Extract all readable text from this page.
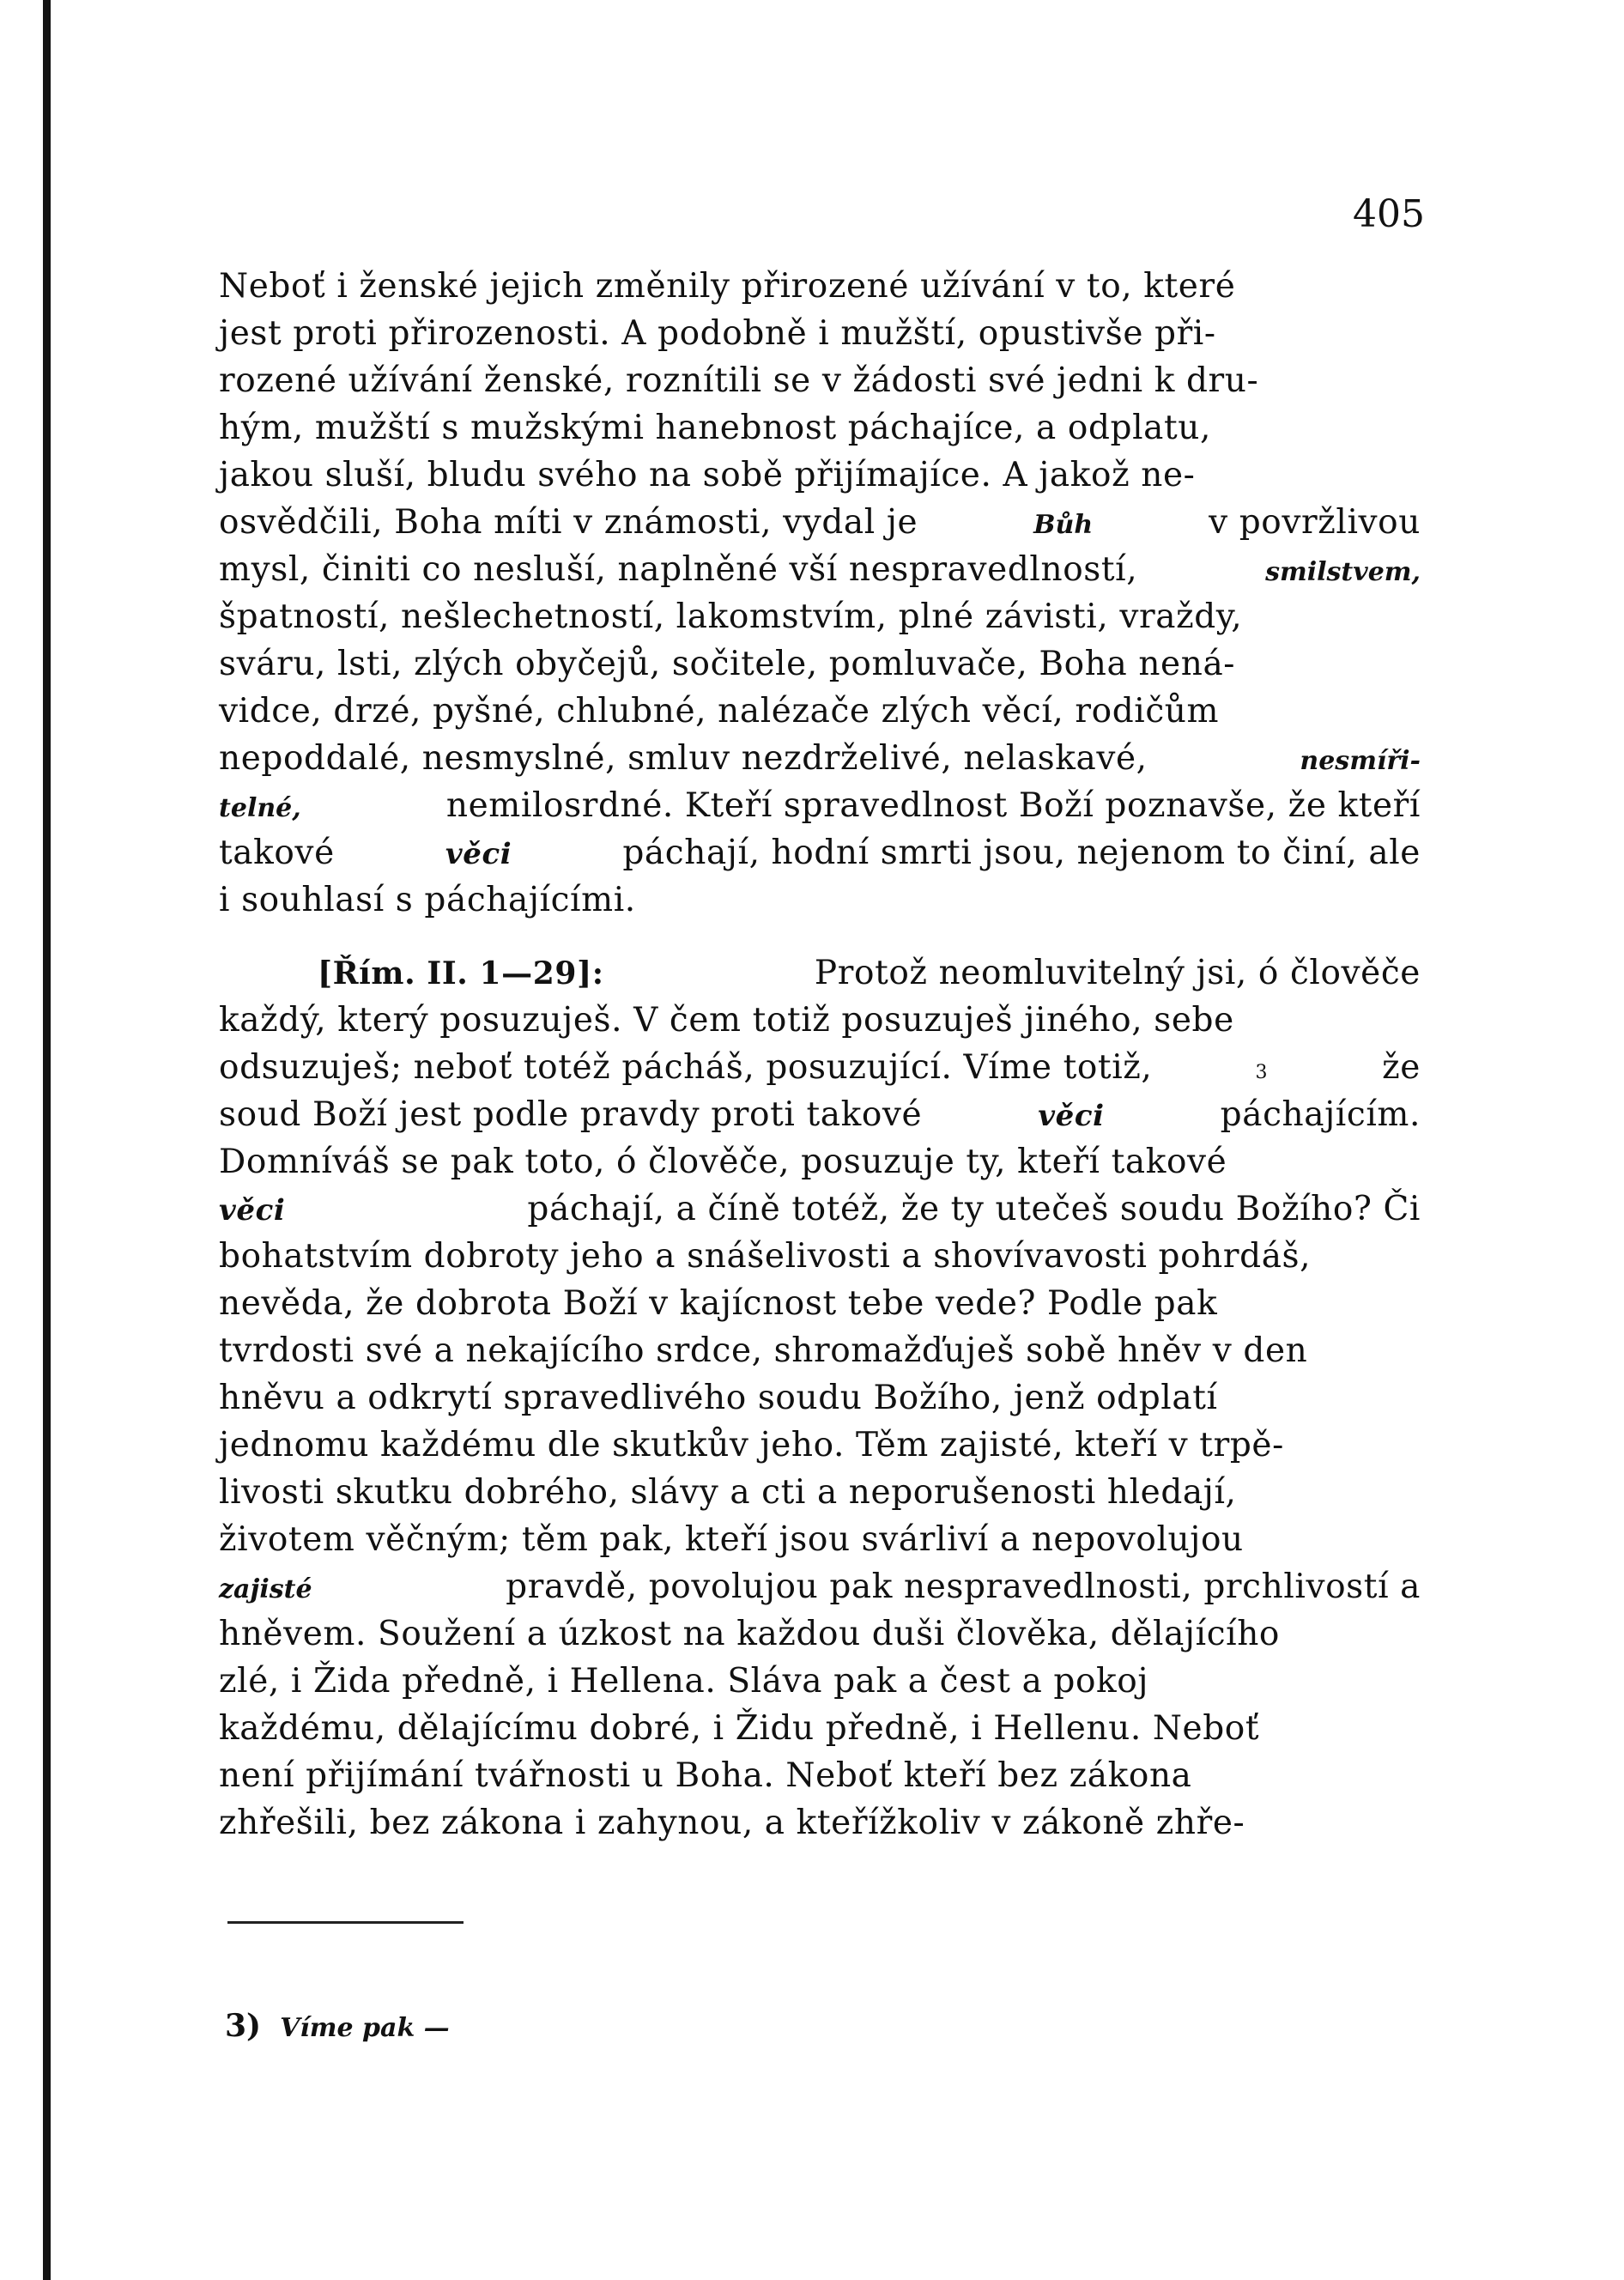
405
Neboť i ženské jejich změnily přirozené užívání v to, které
jest proti přirozenosti. A podobně i mužští, opustivše při-
rozené užívání ženské, roznítili se v žádosti své jedni k dru-
hým, mužští s mužskými hanebnost páchajíce, a odplatu,
jakou sluší, bludu svého na sobě přijímajíce. A jakož ne-
osvědčili, Boha míti v známosti, vydal je	Bůh	v povržlivou
mysl, činiti co nesluší, naplněné vší nespravedlností,	smilstvem,
špatností, nešlechetností, lakomstvím, plné závisti, vraždy,
sváru, lsti, zlých obyčejů, sočitele, pomluvače, Boha nená-
vidce, drzé, pyšné, chlubné, nalézače zlých věcí, rodičům
nepoddalé, nesmyslné, smluv nezdrželivé, nelaskavé,	nesmíři-
telné,	nemilosrdné. Kteří spravedlnost Boží poznavše, že kteří
takové	věci	páchají, hodní smrti jsou, nejenom to činí, ale
i souhlasí s páchajícími.
[Řím. II. 1—29]:	Protož neomluvitelný jsi, ó člověče
každý, který posuzuješ. V čem totiž posuzuješ jiného, sebe
odsuzuješ; neboť totéž pácháš, posuzující. Víme totiž,	3	že
soud Boží jest podle pravdy proti takové	věci	páchajícím.
Domníváš se pak toto, ó člověče, posuzuje ty, kteří takové
věci	páchají, a číně totéž, že ty utečeš soudu Božího? Či
bohatstvím dobroty jeho a snášelivosti a shovívavosti pohrdáš,
nevěda, že dobrota Boží v kajícnost tebe vede? Podle pak
tvrdosti své a nekajícího srdce, shromažďuješ sobě hněv v den
hněvu a odkrytí spravedlivého soudu Božího, jenž odplatí
jednomu každému dle skutkův jeho. Těm zajisté, kteří v trpě-
livosti skutku dobrého, slávy a cti a neporušenosti hledají,
životem věčným; těm pak, kteří jsou svárliví a nepovolujou
zajisté	pravdě, povolujou pak nespravedlnosti, prchlivostí a
hněvem. Soužení a úzkost na každou duši člověka, dělajícího
zlé, i Žida předně, i Hellena. Sláva pak a čest a pokoj
každému, dělajícímu dobré, i Židu předně, i Hellenu. Neboť
není přijímání tvářnosti u Boha. Neboť kteří bez zákona
zhřešili, bez zákona i zahynou, a kteřížkoliv v zákoně zhře-
3) Víme pak —
